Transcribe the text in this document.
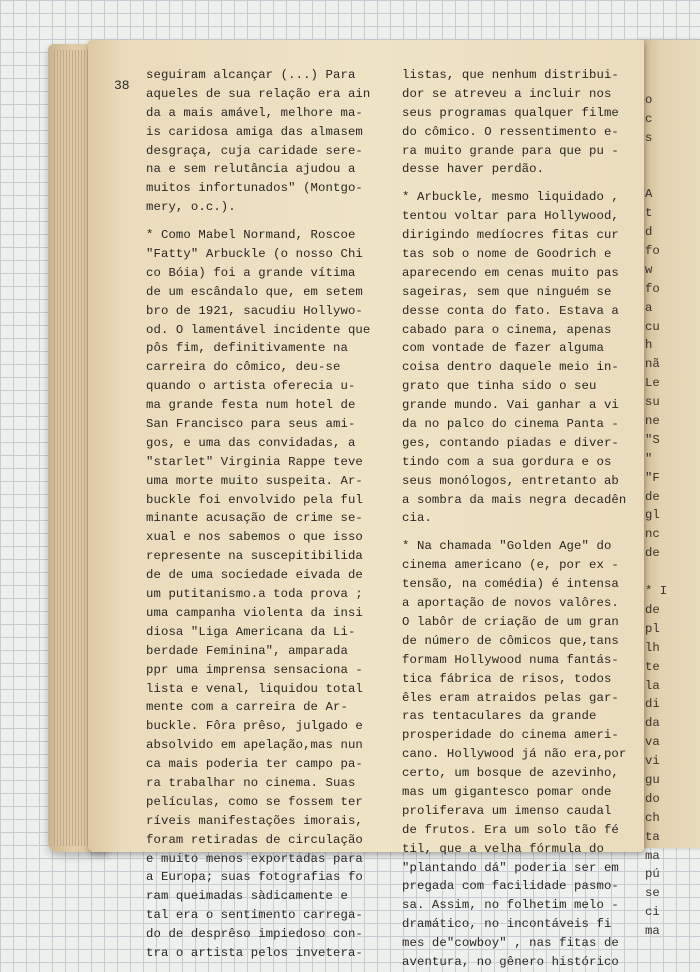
o
c
s
A
t
d
fo
w
fo
a
cu
h
nã
Le
su
ne
"S
"
"F
de
gl
nc
de
* I
de
pl
lh
te
la
di
da
va
vi
gu
do
ch
ta
ma
pú
se
ci
ma
38
seguiram alcançar (...) Para
aqueles de sua relação era ain
da a mais amável, melhore ma-
is caridosa amiga das almasem
desgraça, cuja caridade sere-
na e sem relutância ajudou a
muitos infortunados" (Montgo-
mery, o.c.).
* Como Mabel Normand, Roscoe
"Fatty" Arbuckle (o nosso Chi
co Bóia) foi a grande vítima
de um escândalo que, em setem
bro de 1921, sacudiu Hollywo-
od. O lamentável incidente que
pôs fim, definitivamente na
carreira do cômico, deu-se
quando o artista oferecia u-
ma grande festa num hotel de
San Francisco para seus ami-
gos, e uma das convidadas, a
"starlet" Virginia Rappe teve
uma morte muito suspeita. Ar-
buckle foi envolvido pela ful
minante acusação de crime se-
xual e nos sabemos o que isso
represente na suscepitibilida
de de uma sociedade eivada de
um putitanismo.a toda prova ;
uma campanha violenta da insi
diosa "Liga Americana da Li-
berdade Feminina", amparada
ppr uma imprensa sensaciona -
lista e venal, liquidou total
mente com a carreira de Ar-
buckle. Fôra prêso, julgado e
absolvido em apelação,mas nun
ca mais poderia ter campo pa-
ra trabalhar no cinema. Suas
películas, como se fossem ter
ríveis manifestações imorais,
foram retiradas de circulação
e muito menos exportadas para
a Europa; suas fotografias fo
ram queimadas sàdicamente e
tal era o sentimento carrega-
do de desprêso impiedoso con-
tra o artista pelos invetera-
listas, que nenhum distribui-
dor se atreveu a incluir nos
seus programas qualquer filme
do cômico. O ressentimento e-
ra muito grande para que pu -
desse haver perdão.
* Arbuckle, mesmo liquidado ,
tentou voltar para Hollywood,
dirigindo medíocres fitas cur
tas sob o nome de Goodrich e
aparecendo em cenas muito pas
sageiras, sem que ninguém se
desse conta do fato. Estava a
cabado para o cinema, apenas
com vontade de fazer alguma
coisa dentro daquele meio in-
grato que tinha sido o seu
grande mundo. Vai ganhar a vi
da no palco do cinema Panta -
ges, contando piadas e diver-
tindo com a sua gordura e os
seus monólogos, entretanto ab
a sombra da mais negra decadên
cia.
* Na chamada "Golden Age" do
cinema americano (e, por ex -
tensão, na comédia) é intensa
a aportação de novos valôres.
O labôr de criação de um gran
de número de cômicos que,tans
formam Hollywood numa fantás-
tica fábrica de risos, todos
êles eram atraidos pelas gar-
ras tentaculares da grande
prosperidade do cinema ameri-
cano. Hollywood já não era,por
certo, um bosque de azevinho,
mas um gigantesco pomar onde
proliferava um imenso caudal
de frutos. Era um solo tão fé
til, que a velha fórmula do
"plantando dá" poderia ser em
pregada com facilidade pasmo-
sa. Assim, no folhetim melo -
dramático, no incontáveis fi
mes de"cowboy" , nas fitas de
aventura, no gênero histórico
